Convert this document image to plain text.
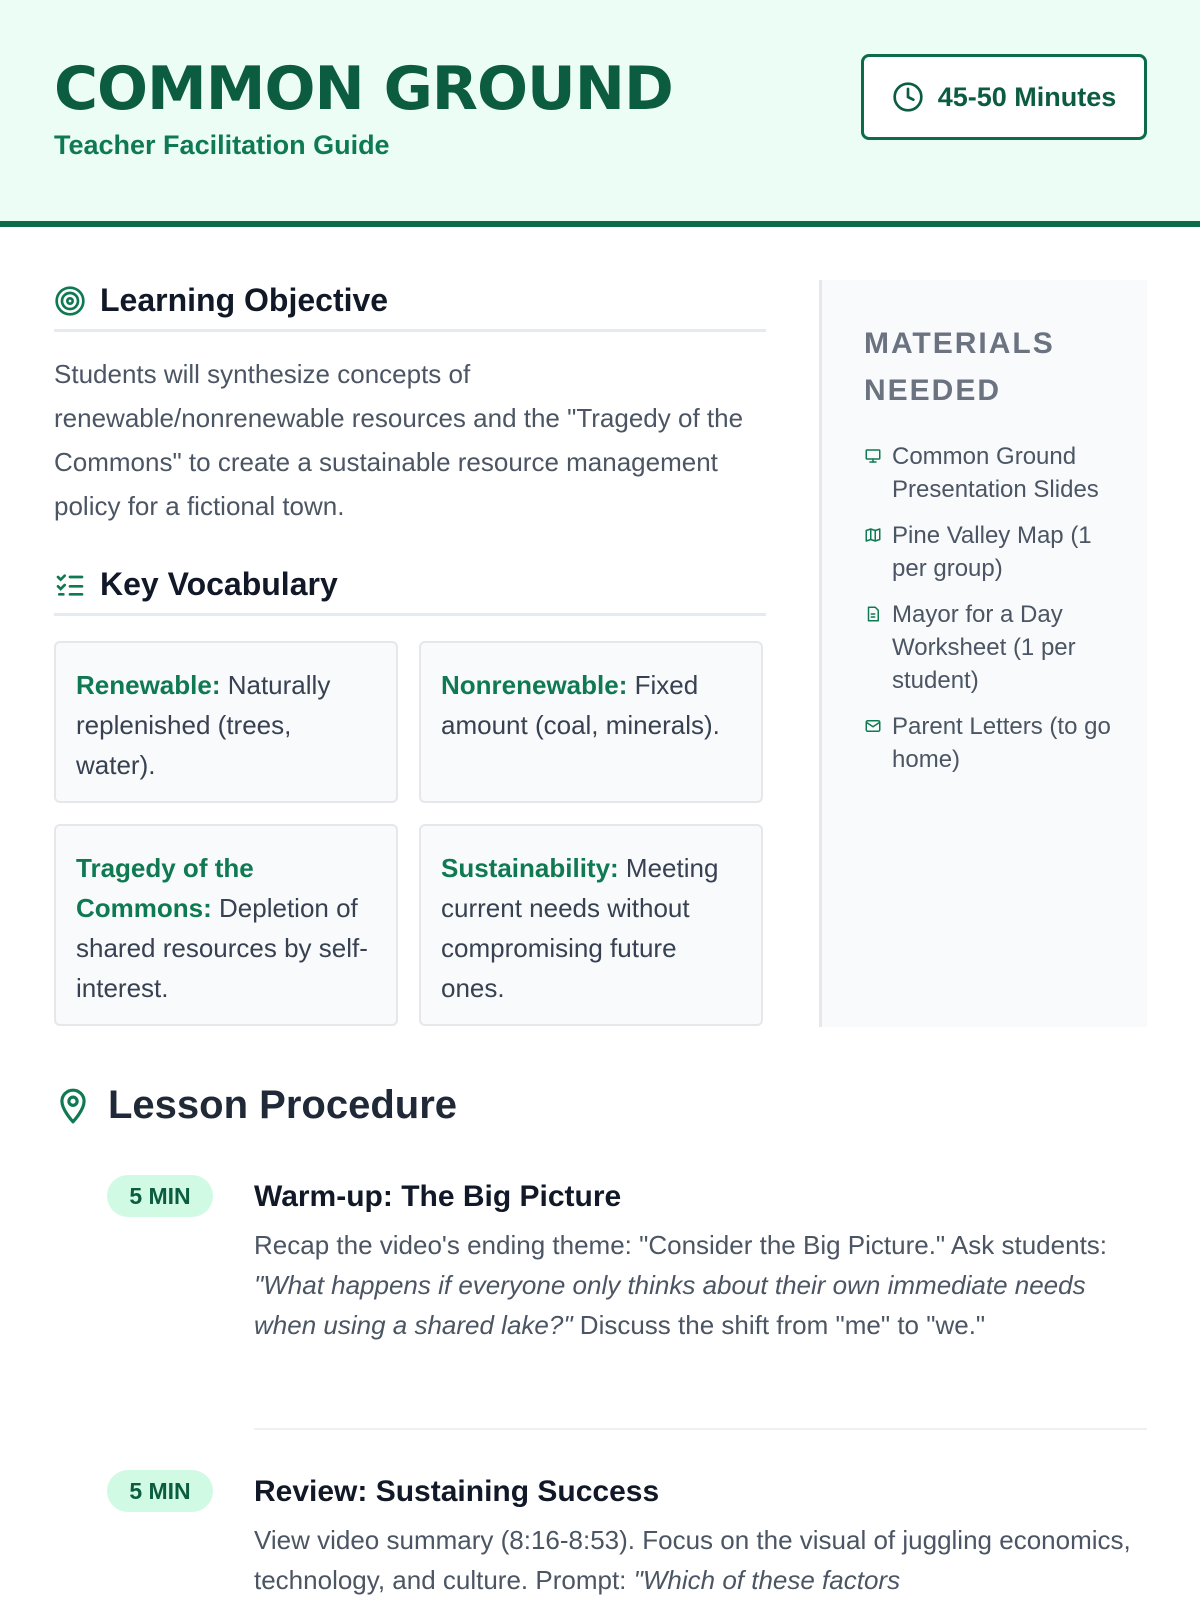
COMMON GROUND
Teacher Facilitation Guide
45-50 Minutes
Learning Objective
Students will synthesize concepts of renewable/nonrenewable resources and the "Tragedy of the Commons" to create a sustainable resource management policy for a fictional town.
Key Vocabulary
Renewable: Naturally replenished (trees, water).
Nonrenewable: Fixed amount (coal, minerals).
Tragedy of the Commons: Depletion of shared resources by self-interest.
Sustainability: Meeting current needs without compromising future ones.
MATERIALS NEEDED
Common Ground Presentation Slides
Pine Valley Map (1 per group)
Mayor for a Day Worksheet (1 per student)
Parent Letters (to go home)
Lesson Procedure
5 MIN	Warm-up: The Big Picture
Recap the video's ending theme: "Consider the Big Picture." Ask students: "What happens if everyone only thinks about their own immediate needs when using a shared lake?" Discuss the shift from "me" to "we."
5 MIN	Review: Sustaining Success
View video summary (8:16-8:53). Focus on the visual of juggling economics, technology, and culture. Prompt: "Which of these factors
